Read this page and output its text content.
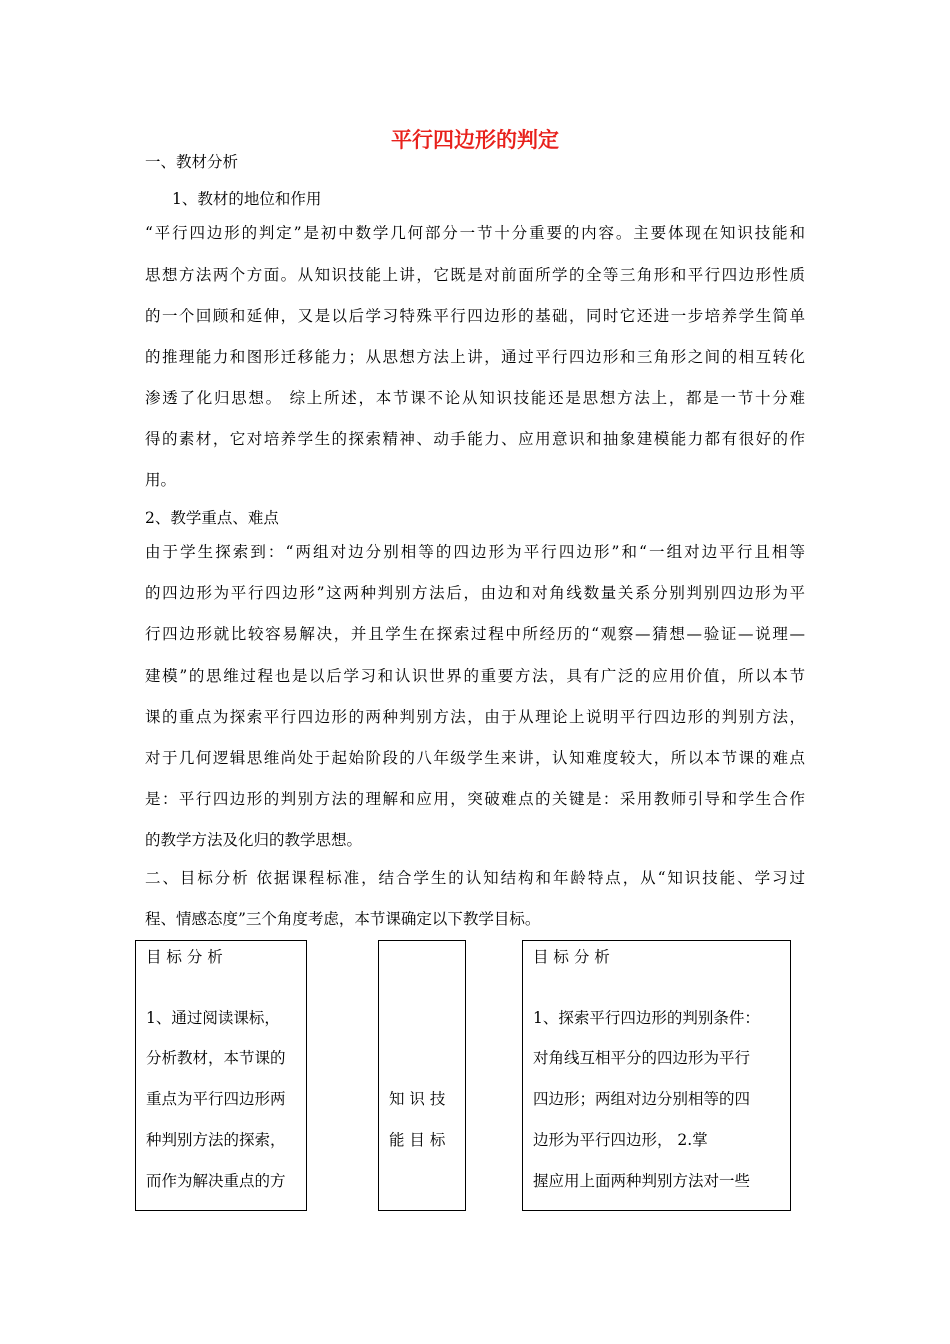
平行四边形的判定
一、教材分析
1、教材的地位和作用
“平行四边形的判定”是初中数学几何部分一节十分重要的内容。主要体现在知识技能和
思想方法两个方面。从知识技能上讲，它既是对前面所学的全等三角形和平行四边形性质
的一个回顾和延伸，又是以后学习特殊平行四边形的基础，同时它还进一步培养学生简单
的推理能力和图形迁移能力；从思想方法上讲，通过平行四边形和三角形之间的相互转化
渗透了化归思想。 综上所述，本节课不论从知识技能还是思想方法上，都是一节十分难
得的素材，它对培养学生的探索精神、动手能力、应用意识和抽象建模能力都有很好的作
用。
2、教学重点、难点
由于学生探索到：“两组对边分别相等的四边形为平行四边形”和“一组对边平行且相等
的四边形为平行四边形”这两种判别方法后，由边和对角线数量关系分别判别四边形为平
行四边形就比较容易解决，并且学生在探索过程中所经历的“观察—猜想—验证—说理—
建模”的思维过程也是以后学习和认识世界的重要方法，具有广泛的应用价值，所以本节
课的重点为探索平行四边形的两种判别方法，由于从理论上说明平行四边形的判别方法，
对于几何逻辑思维尚处于起始阶段的八年级学生来讲，认知难度较大，所以本节课的难点
是：平行四边形的判别方法的理解和应用，突破难点的关键是：采用教师引导和学生合作
的教学方法及化归的教学思想。
二、目标分析 依据课程标准，结合学生的认知结构和年龄特点，从“知识技能、学习过
程、情感态度”三个角度考虑，本节课确定以下教学目标。
目 标 分 析
1、通过阅读课标，
分析教材，本节课的
重点为平行四边形两
种判别方法的探索，
而作为解决重点的方
知 识 技
能 目 标
目 标 分 析
1、探索平行四边形的判别条件：
对角线互相平分的四边形为平行
四边形；两组对边分别相等的四
边形为平行四边形， 2.掌
握应用上面两种判别方法对一些
